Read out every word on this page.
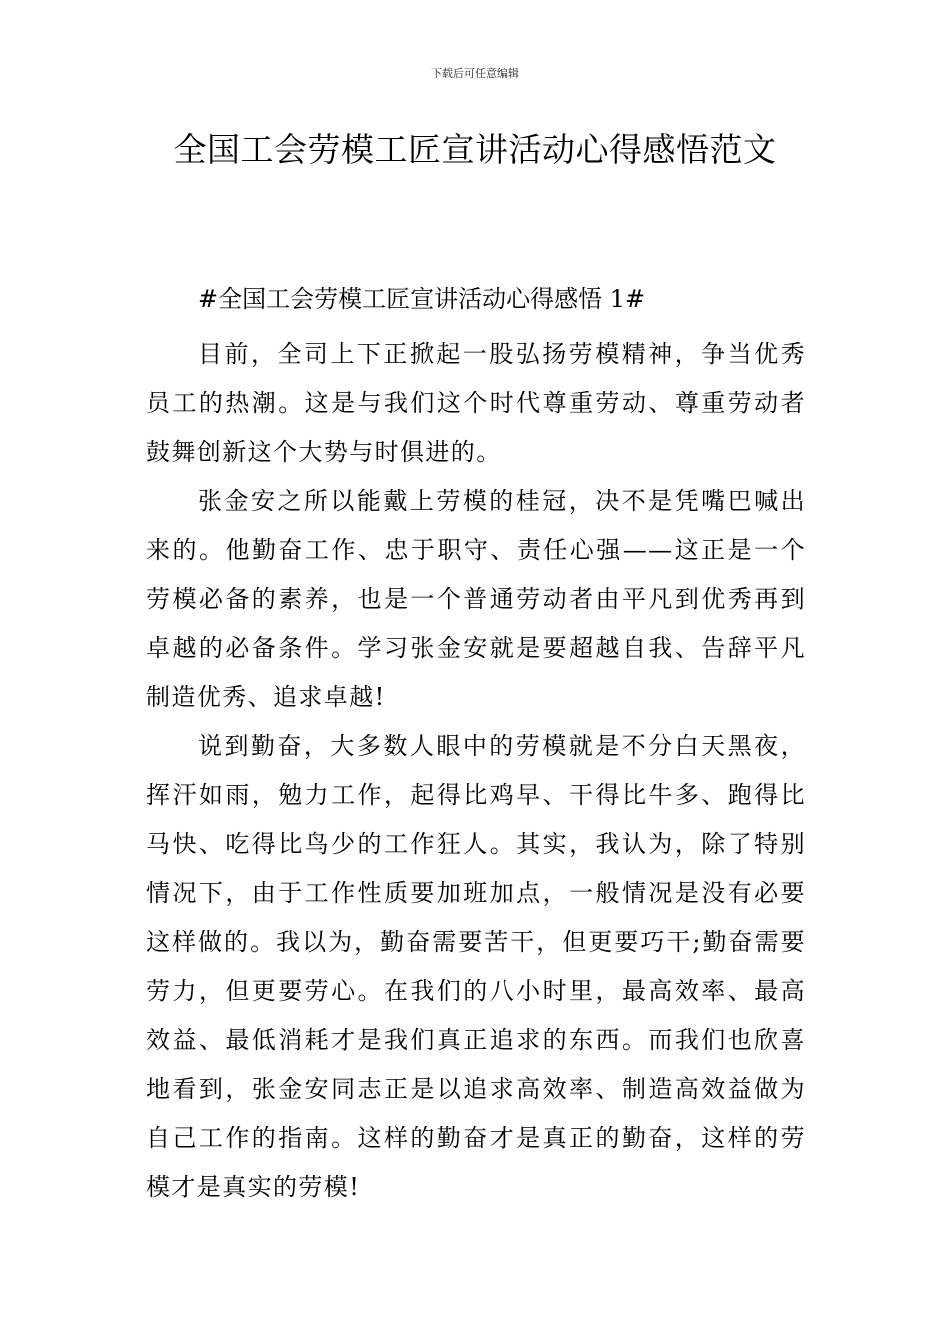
下载后可任意编辑
全国工会劳模工匠宣讲活动心得感悟范文
#全国工会劳模工匠宣讲活动心得感悟 1#

目前，全司上下正掀起一股弘扬劳模精神，争当优秀员工的热潮。这是与我们这个时代尊重劳动、尊重劳动者鼓舞创新这个大势与时俱进的。

张金安之所以能戴上劳模的桂冠，决不是凭嘴巴喊出来的。他勤奋工作、忠于职守、责任心强——这正是一个劳模必备的素养，也是一个普通劳动者由平凡到优秀再到卓越的必备条件。学习张金安就是要超越自我、告辞平凡制造优秀、追求卓越!

说到勤奋，大多数人眼中的劳模就是不分白天黑夜，挥汗如雨，勉力工作，起得比鸡早、干得比牛多、跑得比马快、吃得比鸟少的工作狂人。其实，我认为，除了特别情况下，由于工作性质要加班加点，一般情况是没有必要这样做的。我以为，勤奋需要苦干，但更要巧干;勤奋需要劳力，但更要劳心。在我们的八小时里，最高效率、最高效益、最低消耗才是我们真正追求的东西。而我们也欣喜地看到，张金安同志正是以追求高效率、制造高效益做为自己工作的指南。这样的勤奋才是真正的勤奋，这样的劳模才是真实的劳模!
